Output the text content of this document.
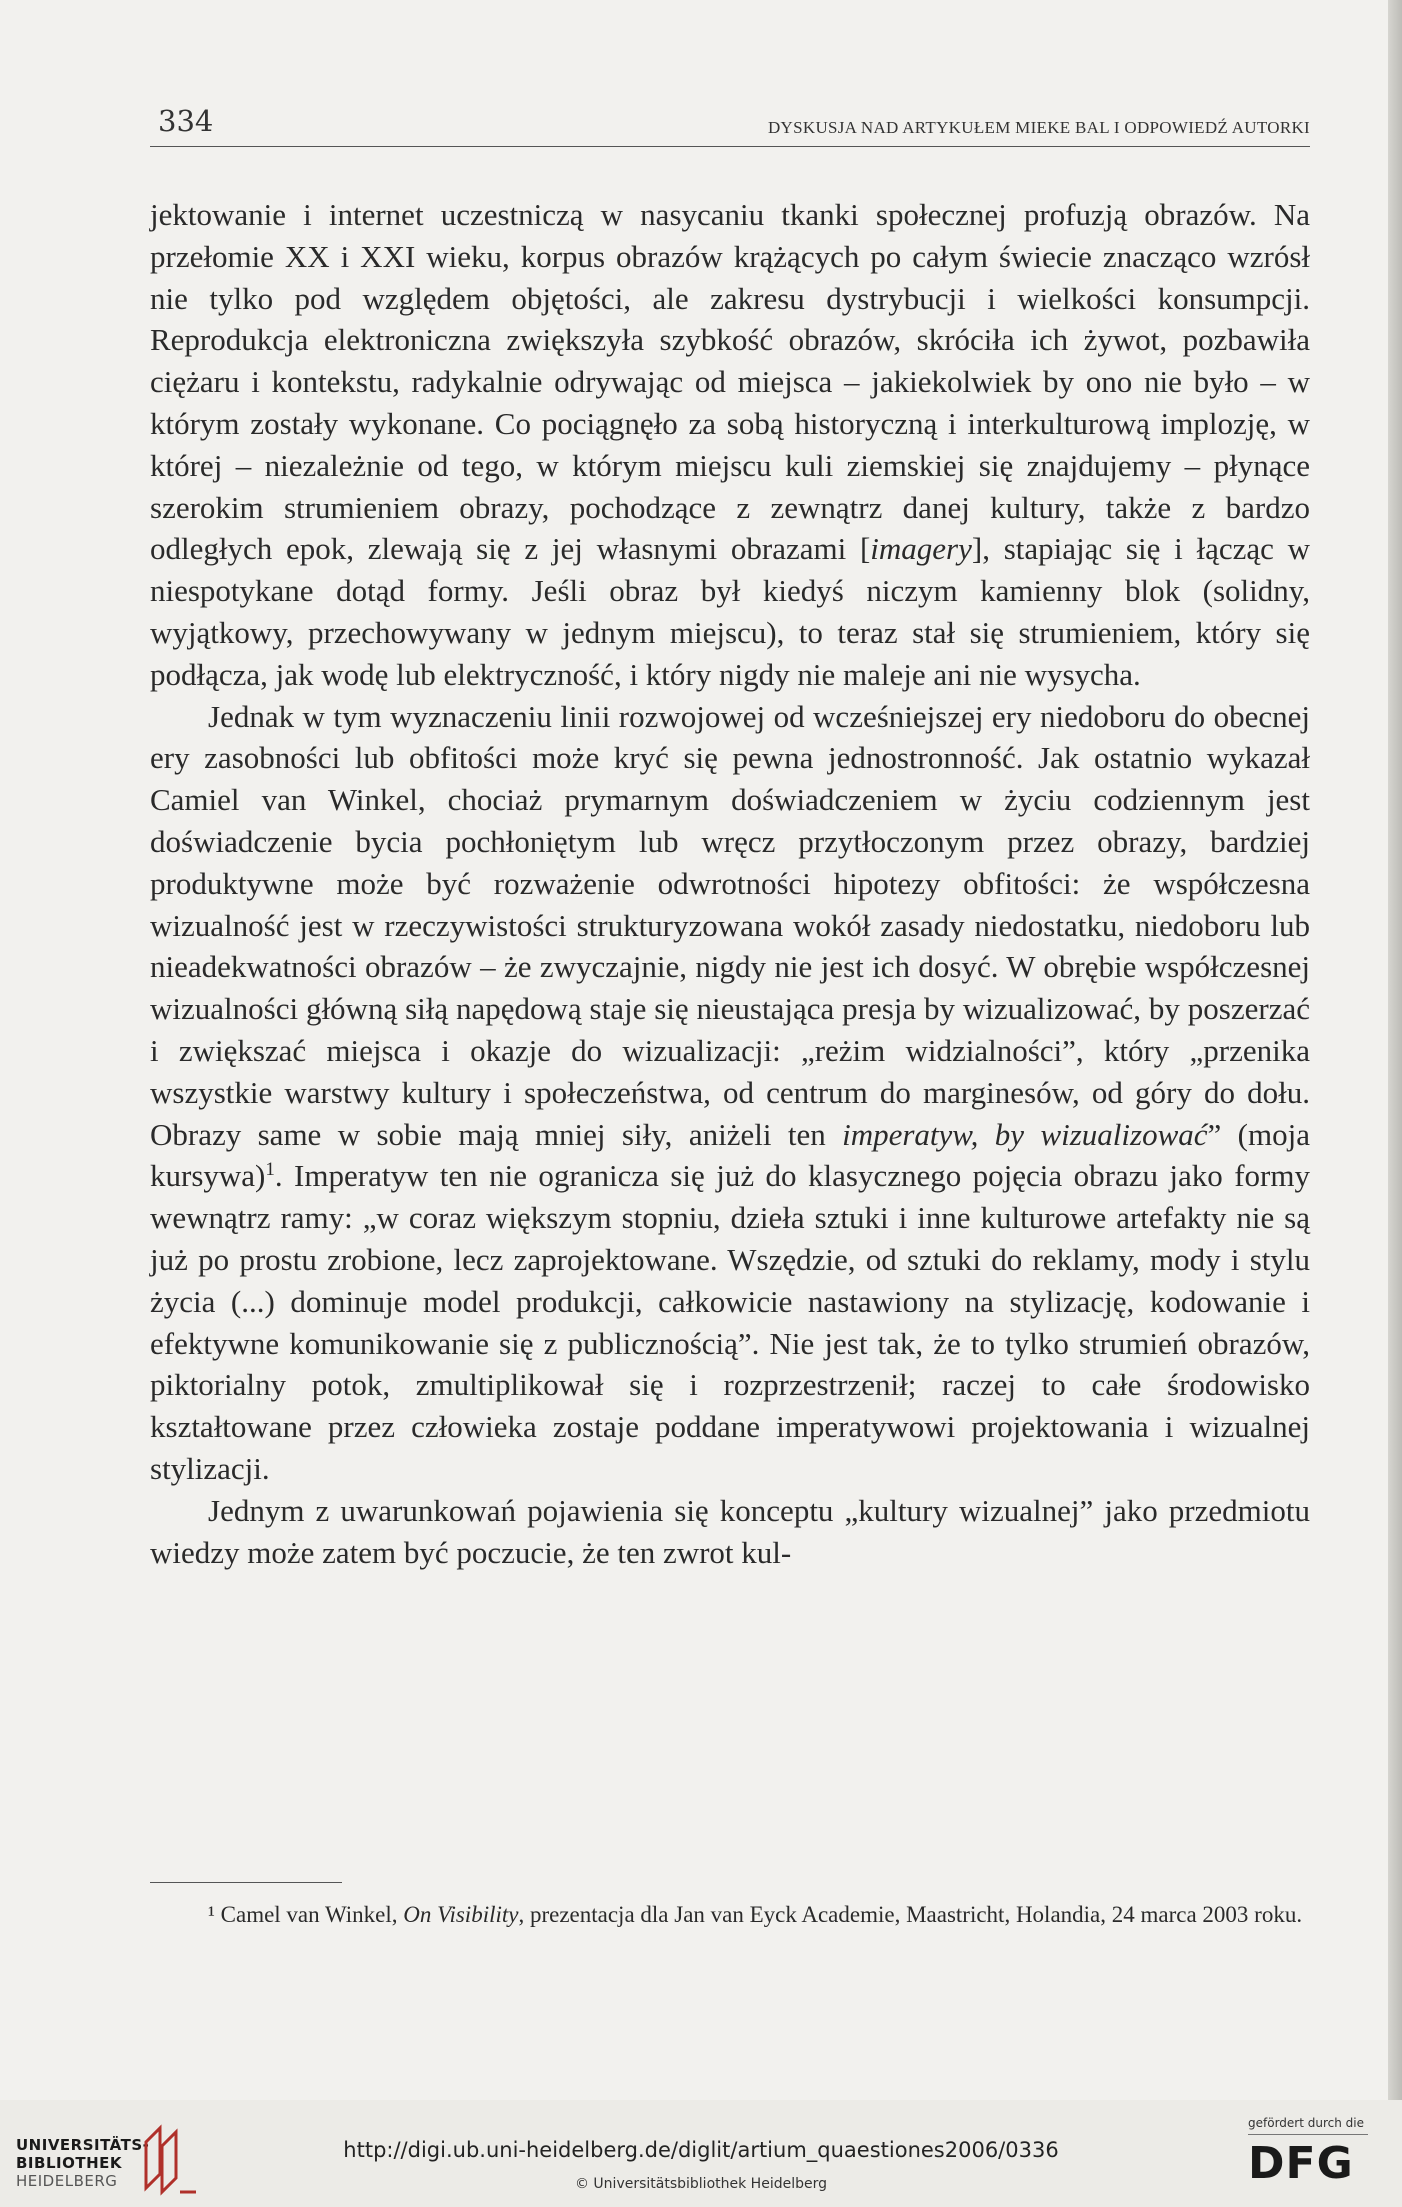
334	DYSKUSJA NAD ARTYKUŁEM MIEKE BAL I ODPOWIEDŹ AUTORKI

jektowanie i internet uczestniczą w nasycaniu tkanki społecznej profuzją obrazów. Na przełomie XX i XXI wieku, korpus obrazów krążących po całym świecie znacząco wzrósł nie tylko pod względem objętości, ale zakresu dystrybucji i wielkości konsumpcji. Reprodukcja elektroniczna zwiększyła szybkość obrazów, skróciła ich żywot, pozbawiła ciężaru i kontekstu, radykalnie odrywając od miejsca – jakiekolwiek by ono nie było – w którym zostały wykonane. Co pociągnęło za sobą historyczną i interkulturową implozję, w której – niezależnie od tego, w którym miejscu kuli ziemskiej się znajdujemy – płynące szerokim strumieniem obrazy, pochodzące z zewnątrz danej kultury, także z bardzo odległych epok, zlewają się z jej własnymi obrazami [imagery], stapiając się i łącząc w niespotykane dotąd formy. Jeśli obraz był kiedyś niczym kamienny blok (solidny, wyjątkowy, przechowywany w jednym miejscu), to teraz stał się strumieniem, który się podłącza, jak wodę lub elektryczność, i który nigdy nie maleje ani nie wysycha.

Jednak w tym wyznaczeniu linii rozwojowej od wcześniejszej ery niedoboru do obecnej ery zasobności lub obfitości może kryć się pewna jednostronność. Jak ostatnio wykazał Camiel van Winkel, chociaż prymarnym doświadczeniem w życiu codziennym jest doświadczenie bycia pochłoniętym lub wręcz przytłoczonym przez obrazy, bardziej produktywne może być rozważenie odwrotności hipotezy obfitości: że współczesna wizualność jest w rzeczywistości strukturyzowana wokół zasady niedostatku, niedoboru lub nieadekwatności obrazów – że zwyczajnie, nigdy nie jest ich dosyć. W obrębie współczesnej wizualności główną siłą napędową staje się nieustająca presja by wizualizować, by poszerzać i zwiększać miejsca i okazje do wizualizacji: „reżim widzialności”, który „przenika wszystkie warstwy kultury i społeczeństwa, od centrum do marginesów, od góry do dołu. Obrazy same w sobie mają mniej siły, aniżeli ten imperatyw, by wizualizować” (moja kursywa)$^1$. Imperatyw ten nie ogranicza się już do klasycznego pojęcia obrazu jako formy wewnątrz ramy: „w coraz większym stopniu, dzieła sztuki i inne kulturowe artefakty nie są już po prostu zrobione, lecz zaprojektowane. Wszędzie, od sztuki do reklamy, mody i stylu życia (...) dominuje model produkcji, całkowicie nastawiony na stylizację, kodowanie i efektywne komunikowanie się z publicznością”. Nie jest tak, że to tylko strumień obrazów, piktorialny potok, zmultiplikował się i rozprzestrzenił; raczej to całe środowisko kształtowane przez człowieka zostaje poddane imperatywowi projektowania i wizualnej stylizacji.

Jednym z uwarunkowań pojawienia się konceptu „kultury wizualnej” jako przedmiotu wiedzy może zatem być poczucie, że ten zwrot kul-

¹ Camel van Winkel, On Visibility, prezentacja dla Jan van Eyck Academie, Maastricht, Holandia, 24 marca 2003 roku.

UNIVERSITÄTS-
BIBLIOTHEK
HEIDELBERG
http://digi.ub.uni-heidelberg.de/diglit/artium_quaestiones2006/0336
© Universitätsbibliothek Heidelberg
gefördert durch die
DFG
